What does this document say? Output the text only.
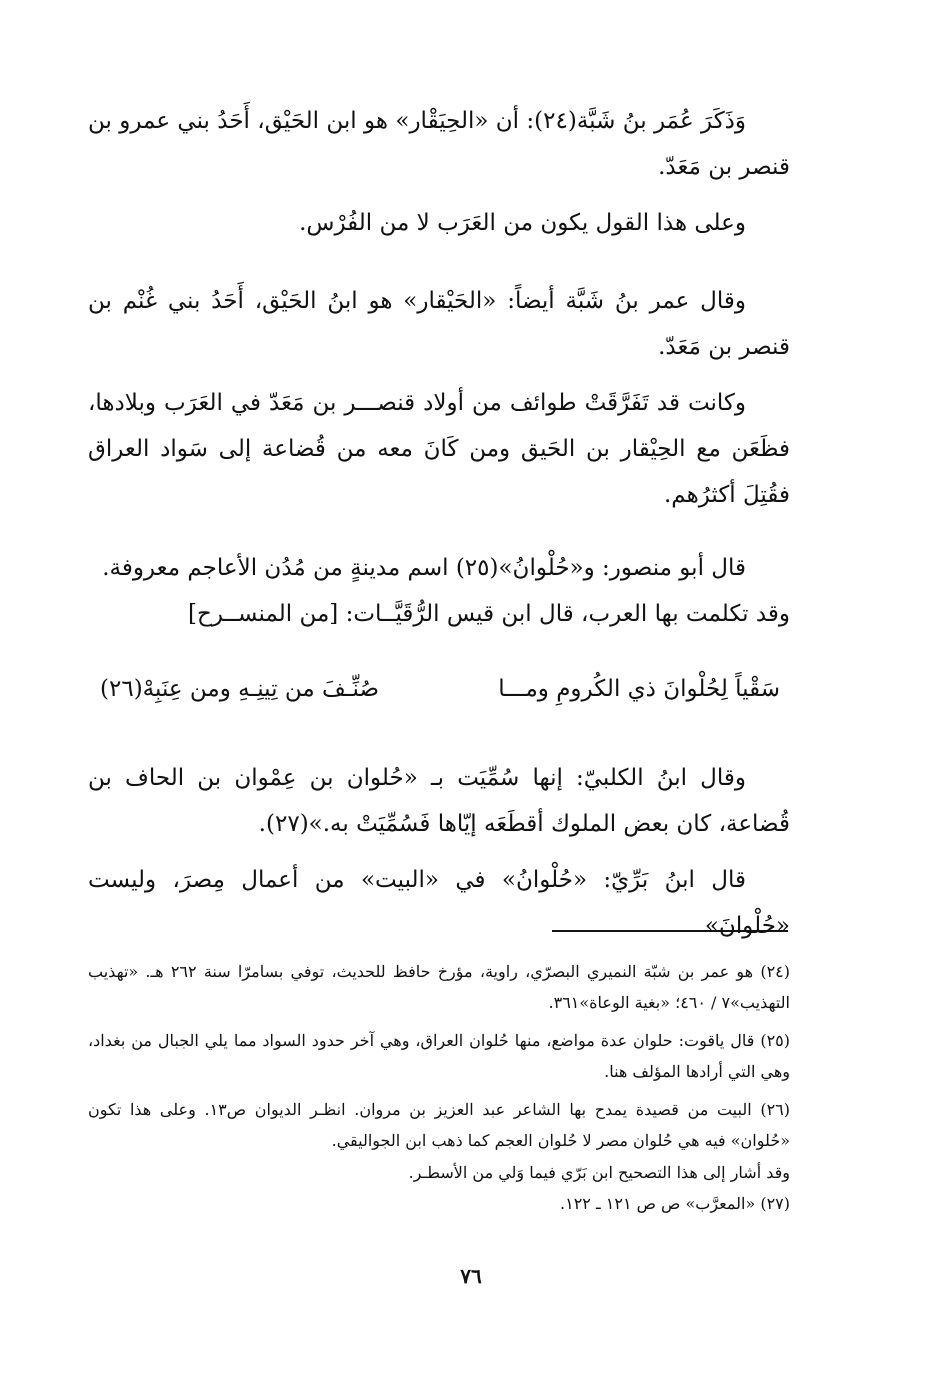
وَذَكَرَ عُمَر بنُ شَبَّة(٢٤): أن «الحِيَقْار» هو ابن الحَيْق، أَحَدُ بني عمرو بن قنصر بن مَعَدّ.

وعلى هذا القول يكون من العَرَب لا من الفُرْس.

وقال عمر بنُ شَبَّة أيضاً: «الحَيْقار» هو ابنُ الحَيْق، أَحَدُ بني غُنْم بن قنصر بن مَعَدّ.

وكانت قد تَفَرَّقَتْ طوائف من أولاد قنصـــر بن مَعَدّ في العَرَب وبلادها، فظَعَن مع الحِيْقار بن الحَيق ومن كَانَ معه من قُضاعة إلى سَواد العراق فقُتِلَ أكثرُهم.

قال أبو منصور: و«حُلْوانُ»(٢٥) اسم مدينةٍ من مُدُن الأعاجم معروفة.

وقد تكلمت بها العرب، قال ابن قيس الرُّقَيَّــات: [من المنســرح]

سَقْياً لِحُلْوانَ ذي الكُرومِ ومـــا
صُنِّـفَ من تِينِـهِ ومن عِنَبِهْ(٢٦)

وقال ابنُ الكلبيّ: إنها سُمِّيَت بـ «حُلوان بن عِمْوان بن الحاف بن قُضاعة، كان بعض الملوك أقطَعَه إيّاها فَسُمِّيَتْ به.»(٢٧).

قال ابنُ بَرِّيّ: «حُلْوانُ» في «البيت» من أعمال مِصرَ، وليست «حُلْوانَ»

(٢٤) هو عمر بن شبّة النميري البصرّي، راوية، مؤرخ حافظ للحديث، توفي بسامرّا سنة ٢٦٢ هـ. «تهذيب التهذيب»٧ / ٤٦٠؛ «بغية الوعاة»٣٦١.

(٢٥) قال ياقوت: حلوان عدة مواضع، منها حُلوان العراق، وهي آخر حدود السواد مما يلي الجبال من بغداد، وهي التي أرادها المؤلف هنا.

(٢٦) البيت من قصيدة يمدح بها الشاعر عبد العزيز بن مروان. انظـر الديوان ص١٣. وعلى هذا تكون «حُلوان» فيه هي حُلوان مصر لا حُلوان العجم كما ذهب ابن الجواليقي.

وقد أشار إلى هذا التصحيح ابن بَرّي فيما وَلي من الأسطـر.

(٢٧) «المعرَّب» ص ص ١٢١ ـ ١٢٢.

٧٦
